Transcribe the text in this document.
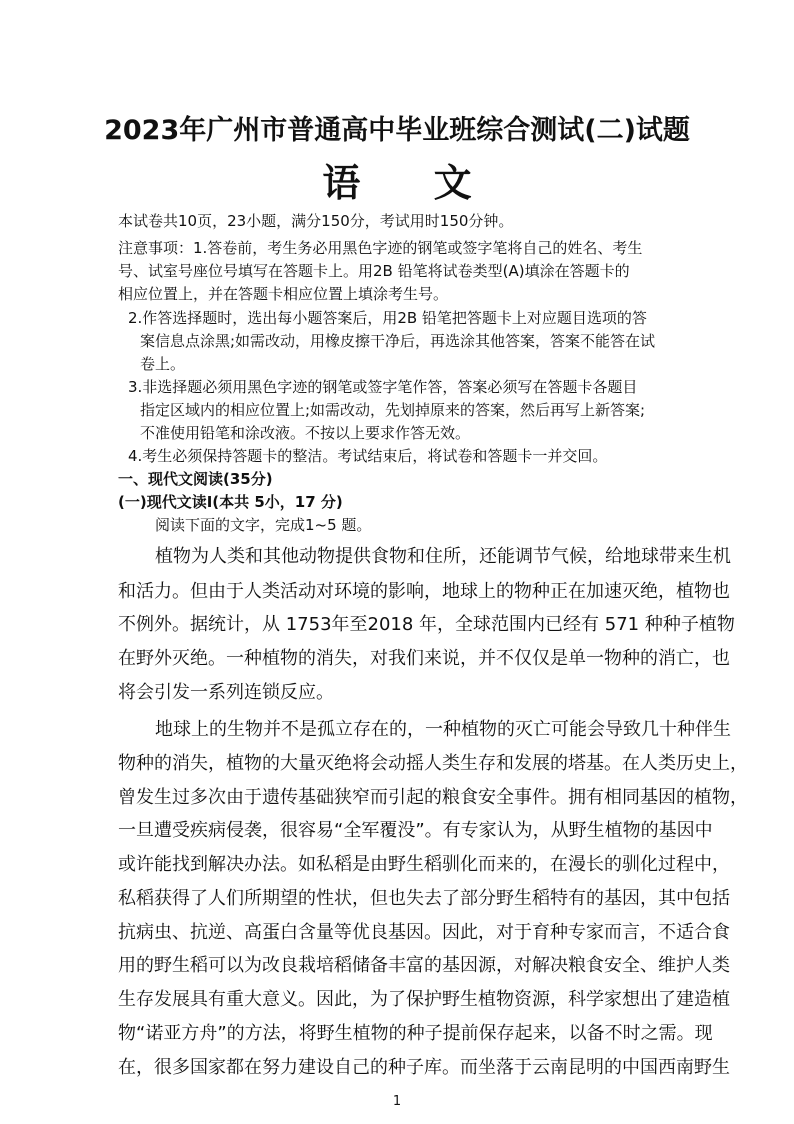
2023年广州市普通高中毕业班综合测试(二)试题
语 文
本试卷共10页，23小题，满分150分，考试用时150分钟。
注意事项：1.答卷前，考生务必用黑色字迹的钢笔或签字笔将自己的姓名、考生
号、试室号座位号填写在答题卡上。用2B 铅笔将试卷类型(A)填涂在答题卡的
相应位置上，并在答题卡相应位置上填涂考生号。
2.作答选择题时，选出每小题答案后，用2B 铅笔把答题卡上对应题目选项的答
案信息点涂黑;如需改动，用橡皮擦干净后，再选涂其他答案，答案不能答在试
卷上。
3.非选择题必须用黑色字迹的钢笔或签字笔作答，答案必须写在答题卡各题目
指定区域内的相应位置上;如需改动，先划掉原来的答案，然后再写上新答案;
不准使用铅笔和涂改液。不按以上要求作答无效。
4.考生必须保持答题卡的整洁。考试结束后，将试卷和答题卡一并交回。
一、现代文阅读(35分)
(一)现代文读Ⅰ(本共 5小，17 分)
阅读下面的文字，完成1~5 题。
植物为人类和其他动物提供食物和住所，还能调节气候，给地球带来生机
和活力。但由于人类活动对环境的影响，地球上的物种正在加速灭绝，植物也
不例外。据统计，从 1753年至2018 年，全球范围内已经有 571 种种子植物
在野外灭绝。一种植物的消失，对我们来说，并不仅仅是单一物种的消亡，也
将会引发一系列连锁反应。
地球上的生物并不是孤立存在的，一种植物的灭亡可能会导致几十种伴生
物种的消失，植物的大量灭绝将会动摇人类生存和发展的塔基。在人类历史上，
曾发生过多次由于遗传基础狭窄而引起的粮食安全事件。拥有相同基因的植物，
一旦遭受疾病侵袭，很容易“全军覆没”。有专家认为，从野生植物的基因中
或许能找到解决办法。如私稻是由野生稻驯化而来的，在漫长的驯化过程中，
私稻获得了人们所期望的性状，但也失去了部分野生稻特有的基因，其中包括
抗病虫、抗逆、高蛋白含量等优良基因。因此，对于育种专家而言，不适合食
用的野生稻可以为改良栽培稻储备丰富的基因源，对解决粮食安全、维护人类
生存发展具有重大意义。因此，为了保护野生植物资源，科学家想出了建造植
物“诺亚方舟”的方法，将野生植物的种子提前保存起来，以备不时之需。现
在，很多国家都在努力建设自己的种子库。而坐落于云南昆明的中国西南野生
1
